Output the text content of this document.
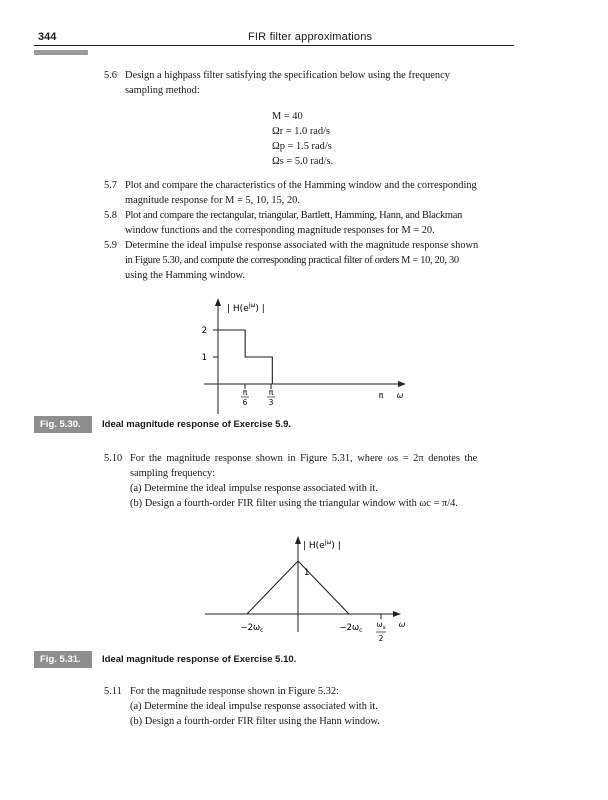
344	FIR filter approximations
5.6 Design a highpass filter satisfying the specification below using the frequency
sampling method:
M = 40
Ωr = 1.0 rad/s
Ωp = 1.5 rad/s
Ωs = 5.0 rad/s.
5.7 Plot and compare the characteristics of the Hamming window and the corresponding
magnitude response for M = 5, 10, 15, 20.
5.8 Plot and compare the rectangular, triangular, Bartlett, Hamming, Hann, and Blackman
window functions and the corresponding magnitude responses for M = 20.
5.9 Determine the ideal impulse response associated with the magnitude response shown
in Figure 5.30, and compute the corresponding practical filter of orders M = 10, 20, 30
using the Hamming window.
| $H(e^{j\omega})$ |
2
1
π
6
π
3
π ω
Fig. 5.30.	Ideal magnitude response of Exercise 5.9.
5.10 For the magnitude response shown in Figure 5.31, where ωs = 2π denotes the
sampling frequency:
(a) Determine the ideal impulse response associated with it.
(b) Design a fourth-order FIR filter using the triangular window with ωc = π/4.
| $H(e^{j\omega})$ |
1
$-2\omega_c$	$-2\omega_c$
$\omega_s$
2
ω
Fig. 5.31.	Ideal magnitude response of Exercise 5.10.
5.11 For the magnitude response shown in Figure 5.32:
(a) Determine the ideal impulse response associated with it.
(b) Design a fourth-order FIR filter using the Hann window.
